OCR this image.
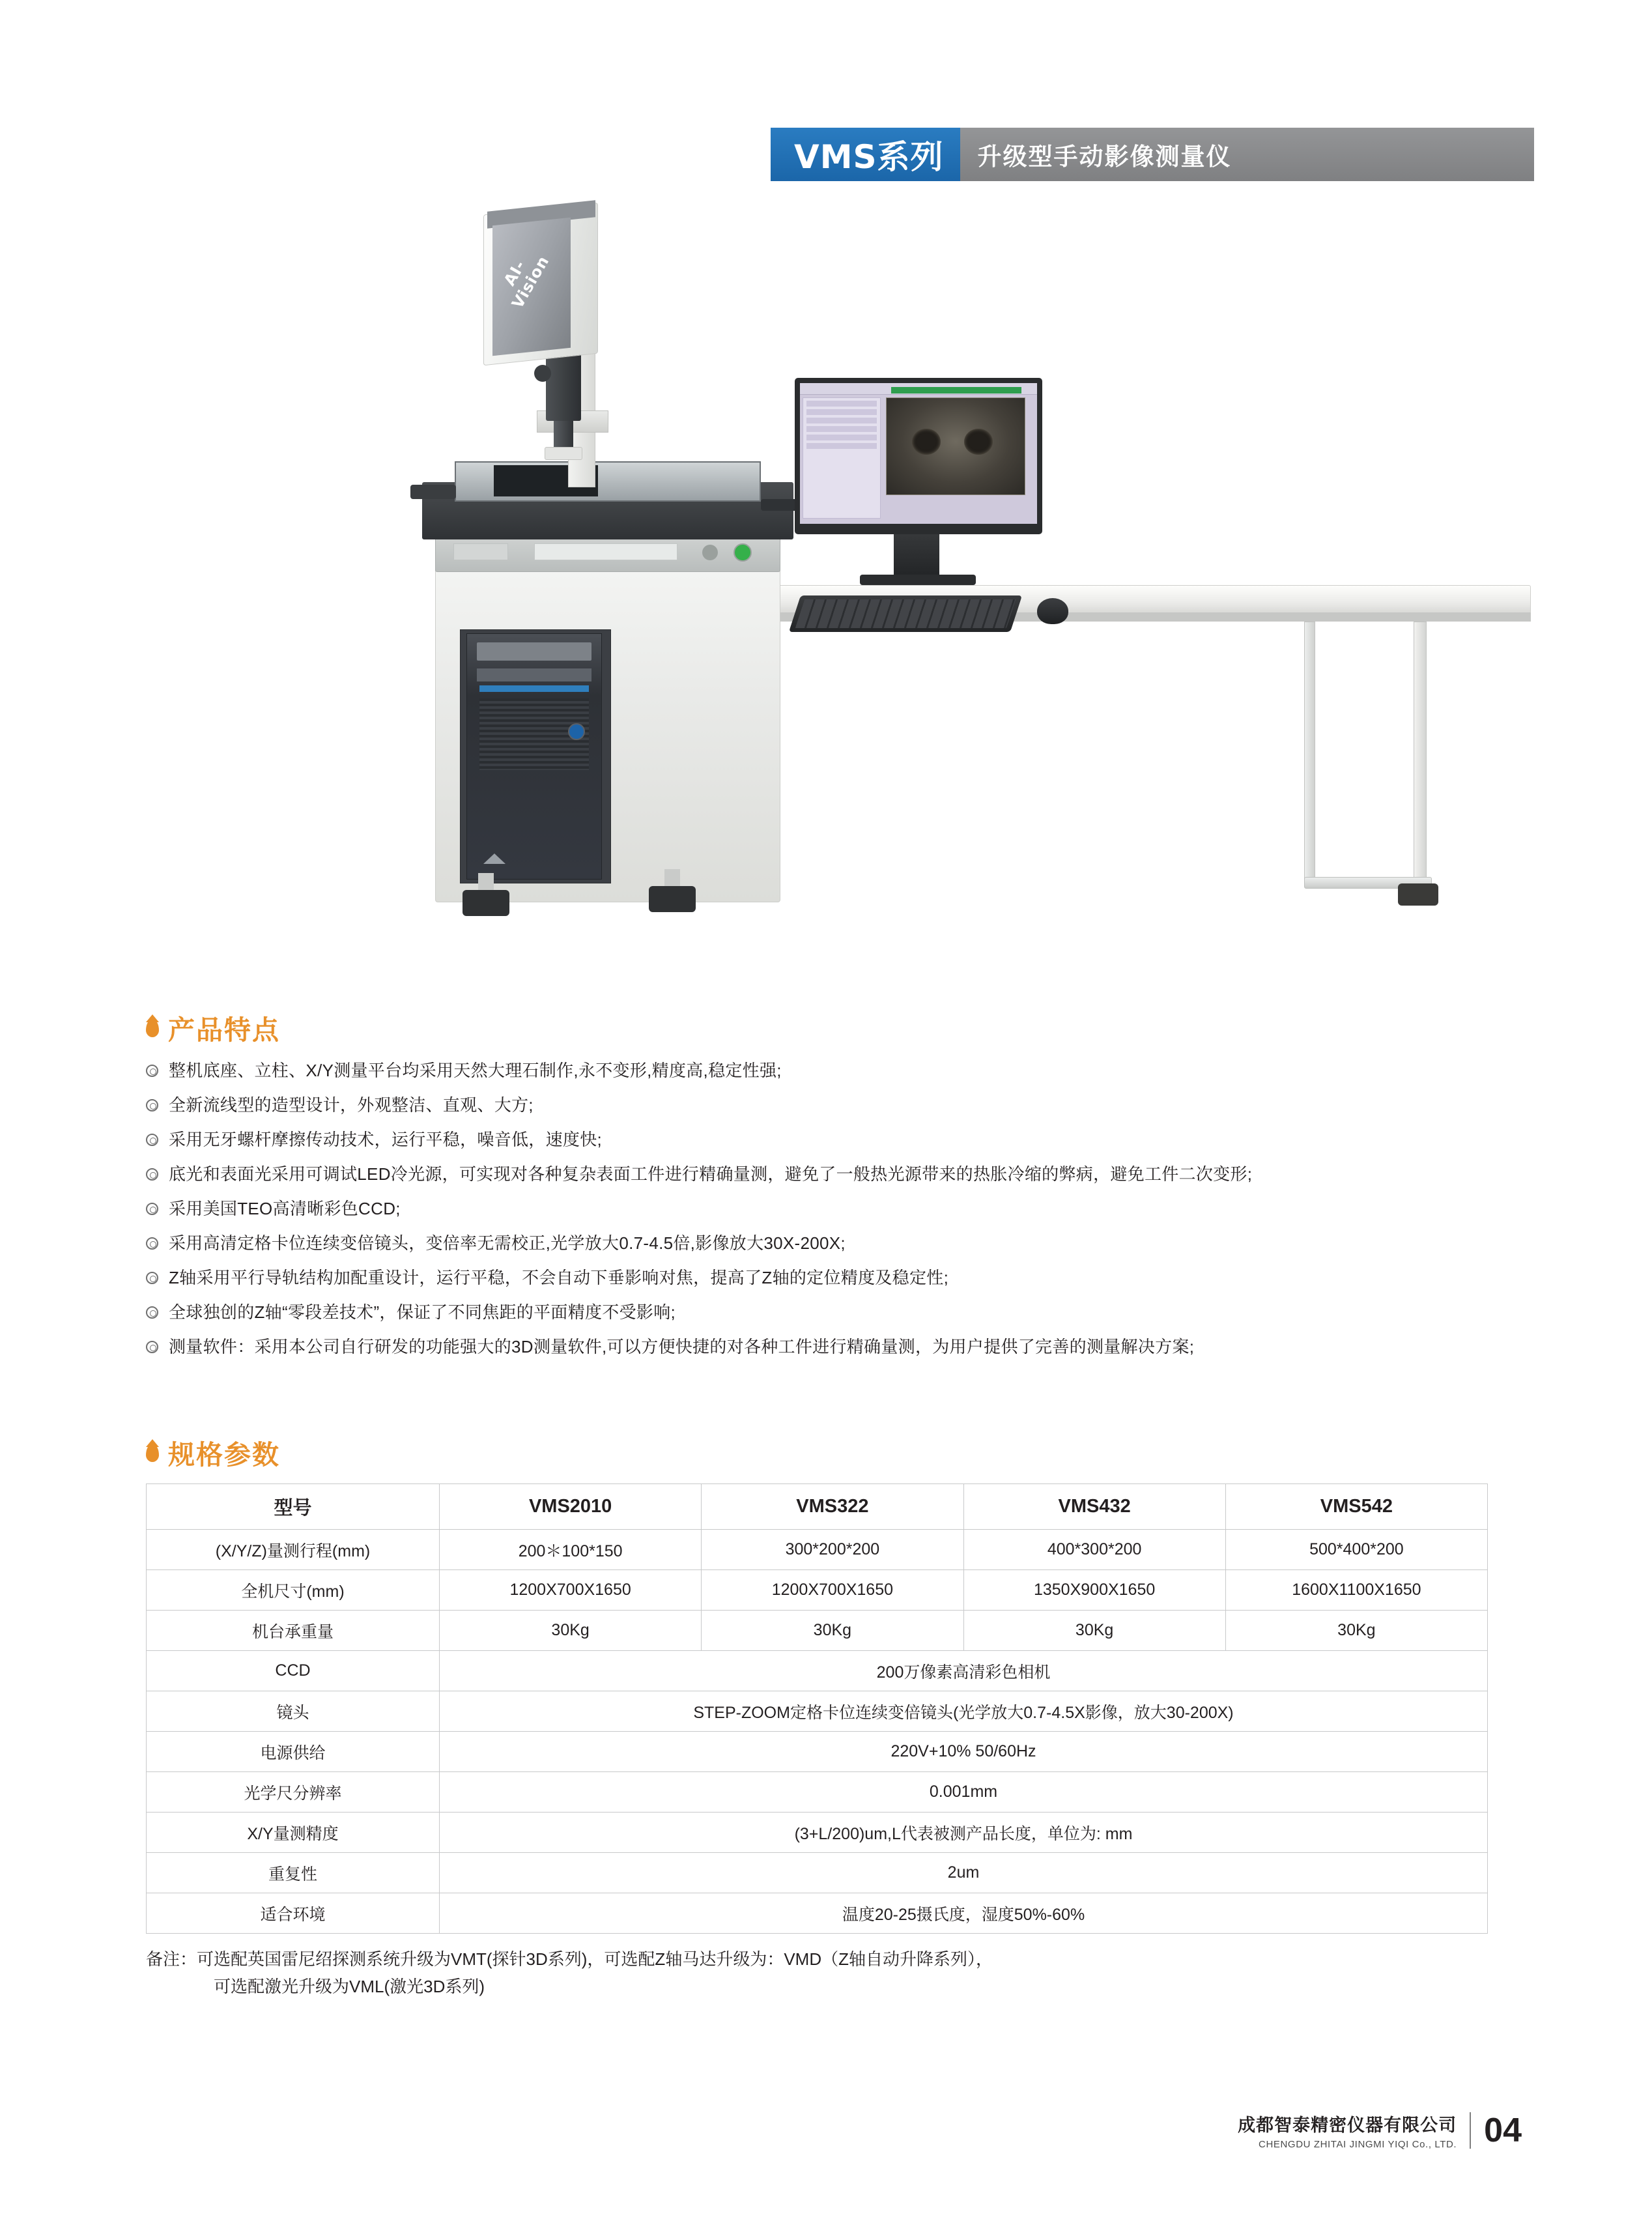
VMS系列	升级型手动影像测量仪
AI-Vision
产品特点
整机底座、立柱、X/Y测量平台均采用天然大理石制作,永不变形,精度高,稳定性强;
全新流线型的造型设计，外观整洁、直观、大方;
采用无牙螺杆摩擦传动技术，运行平稳，噪音低，速度快;
底光和表面光采用可调试LED冷光源，可实现对各种复杂表面工件进行精确量测，避免了一般热光源带来的热胀冷缩的弊病，避免工件二次变形;
采用美国TEO高清晰彩色CCD;
采用高清定格卡位连续变倍镜头，变倍率无需校正,光学放大0.7-4.5倍,影像放大30X-200X;
Z轴采用平行导轨结构加配重设计，运行平稳，不会自动下垂影响对焦，提高了Z轴的定位精度及稳定性;
全球独创的Z轴“零段差技术”，保证了不同焦距的平面精度不受影响;
测量软件：采用本公司自行研发的功能强大的3D测量软件,可以方便快捷的对各种工件进行精确量测，为用户提供了完善的测量解决方案;
规格参数
型号	VMS2010	VMS322	VMS432	VMS542
(X/Y/Z)量测行程(mm)	200＊100*150	300*200*200	400*300*200	500*400*200
全机尺寸(mm)	1200X700X1650	1200X700X1650	1350X900X1650	1600X1100X1650
机台承重量	30Kg	30Kg	30Kg	30Kg
CCD	200万像素高清彩色相机			
镜头	STEP-ZOOM定格卡位连续变倍镜头(光学放大0.7-4.5X影像，放大30-200X)			
电源供给	220V+10% 50/60Hz			
光学尺分辨率	0.001mm			
X/Y量测精度	(3+L/200)um,L代表被测产品长度，单位为: mm			
重复性	2um			
适合环境	温度20-25摄氏度，湿度50%-60%			
备注：可选配英国雷尼绍探测系统升级为VMT(探针3D系列)，可选配Z轴马达升级为：VMD（Z轴自动升降系列），
可选配激光升级为VML(激光3D系列)
成都智泰精密仪器有限公司
CHENGDU ZHITAI JINGMI YIQI Co., LTD. 04
